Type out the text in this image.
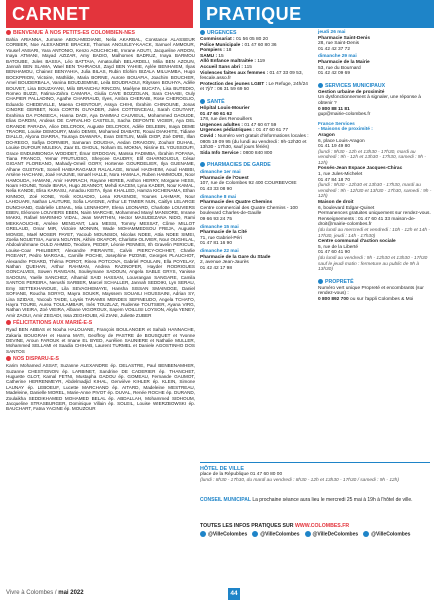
CARNET
BIENVENUE À NOS PETITS-ES COLOMBIEN-NES

Bahia ARIANNA, Jurnane ABOU-MEDIANE, Nelia AKARBAL, Constance ALASSEUR CORBIER, Noe ALEXANDRE BRACKE, Thomas ANGUILEY-KAACK, Samuel AMMOUR, Yousef ANSARI, Yara ANTONIO, Kenzo AOUCHICHE, Imrane AOUTI, Jacqueline ARDON, Inaya ATMANI, Mayad AZIZAR, Amy BADIO, Malhomes BADRUZ, Inaya BARMOU BATOUBE, Jules BASSA, Léo BATTAIA, Amatoullah BELARDELI, Milia BEN AZOUN, Jannah BEN SLAMA, Wael BEN TAHRAOUI, Zayd BEN YAHIIE, Aylée BENHAIEM, Ilyas BENHAMOU, Chainez BENYAHIA, Julia BILAS, Rubin Elohim BIZALA MILUAMBA, Hugo BOCKPRION, Victoire, Mathilde, Maria BORNE, Aurore BOUAFIA, Joachim BOUCHER, Amel BOUDERBALA, Vanina BOUDJEMINE, Leila BOUDRAOUI, Rityssen BOUHYA, Adèle BOUVET, Lisa BOUZAYANI, Milo BRANCHU RINCON, Maélyne BUCATA, Lisa BUTEDIO, Romeo BUZZI, Fatima-Zahra CAMARA, Giulia CAVE BOZZOLAN, Sara CHAABI, Ouly CHAPIER PALLADINO, Agathe CHARRAUD, Ilyes, Ambra CHERABI, Rose CHEROGLIO, Eduardo CHEDEVILLE, Maena CHENTOUF, Assya CHIHI, Ibrahim CHINOUNE, Jonas CINGRE GERBET, Nora CORTIN GUYADER, Jules COTTENCEAU, Sarah COUTANT, Ibrahima DA FONSECA, Hanna DADI, Aya DAMMAJ CAUVIEUL, Mohammed DAOUDE, Elias DARDIN, Andeas DE CARVALHO CASTELS, Sacha DEFONTE VIGIER, Aya DEL GRANDE PARADA, Alice DELCROIX, Auguste DELCROIX, Adèle DELEBIN, Inaya DEME TRAORE, Louise DEMOURY, Mario DEMIS, Mohamed DIABATE, Rouai DIAKHITE, Tidiane DIALLO, Alyona DIARRA, Touraya DIAWARA, Evan DIETLIN, Malik DIOP, Zoé DIRE, Illan DO-REGO, Safiya DORNIER, Samaran DOUGHA, Aedan DRAIGON, Zouhaïr DUHAIL, Louise DUFOUR MULEKA, Zaar EL GHOUL, Noham EL MOKNA, Nisrine EL YOUSSOUFI, Grace ENDUMBONGA WODIDET, Émar ERDOGAN, Maïssa FADIMBA, Ibrahim FOFANA, Tiana FRANCO, Yemar FRUTUOSO, Sheycee GAUDRY, Elif GHARNOUGUI, César GIGANT FLOREANO, Mahady-Omeil GORY, Hortense GOURDELIER, Ilya GUENAME, Alhane GUSTAVE, Sonell HABIARAGAMJI RALALAGE, Ismael HAOHEIM, Aoud HABIBI, Arsène HACHANI, Joaé HAJUNE, Ismaël HALLE, Nora HAMALA, Ruben HAMMOUDI, Noor HAMOUDA, HAMANI, Amir HARRACH, Rayane HEREB, Anthon HERRY, Morgane HESS, Noam HOUNE, Tonde IBARA, Hugo JEANNOT, Mehdi KACEM, Lyna KADER, Nour KAMAL, Nelia KANDE, Elisa KARASU, Amadou KEITA, Ilyan KHALLED, Hamza KICHENAMA, Ethan KINNOO, Zoé KONE, Yorik KOUADIO, Lena KRASNOE, Younes LAHMAR, Nour LAHOUARI, Nathan LAUTURE, Sofia LAVIGNE, Arthur LE TIMIER NUN, Caitlyn LELARGE DUNCHAND, Gabrielle LENAIL, Mia LENNHOFF, Elena LEONARD, Charlotte LOUVIERS EBEN, Eléonore LOUVIERS EBEN, Naim MARCHE, Mohammed Manyl MANSORE, Imrane MAKKI, Rafael MARINHO VIDAL, Jean MARTHIN, Hector MASUDEZANA NIDO, Rami MEKKAOUCHE, Arsène MENGANT, Lara MESSI, Tommy MESSAT, Côme MILLOT GRELAUD, Omar MIR, Victoire MONNIN, Wade MOHAMMEDSOU FREJA, Auguste MONGE, Maël MOSER PAYET, Yacoub MOUNSIDI, Nicolas NDEE, Attia NDEE SIMEI, Zoelia NGUETSIA, Aurora NGUYEN, Akhim OKAFOR, Charlotte OLIVIER, Nour OUGHILAL, Abdoulrahmane OULD AHMED, Teodore, PEDEF, Léonie PENNES, Ith Gravelin PERICUE, Louise-Coar PHILIBERT, Alexandre PIERANTE, Calvin PIERCY-OCHHET, Charlie PIGEANT, Pedro MARGAIL, Camille POCHE, Josephine PIZONE, Georges PLAUCHOT, Alexandre POIARD, Théma POROT, Rinea POTCOVA, Gabriel POULAIN, Ella POYELAY, Nathan QUEHAN, Arthur RAHMAN, Andrea RAZINOFER, Hayder RODRIGUES GONCALVES, Sowen RANGAIN, Souleymane SADOUN, Angela SABLE GRYS, Yanisse SADOUN, Yaelle SANCHEZ, Alhamid SAID HASSAN, Louvrangan SANGARE, Camila SANTOS PEREIRA, Nerushi SARBER, Marcel SCHALLER, Jannah SEDDIKI, Lyn SERAU, Emy SETTEKHANOUE, Lila SEVAGHEMAYE, Hansha SISSAN SMAINOGE, Daniel SOFIANE, Roucha SORYO, Mayra SOUKR, Mayssem SOUAILI HOUSSAINI, Adrian SY, Lina SZIDAS, Yacoub TAIDE, Loysis TARAMIS MENDES SEFINEUDO, Angela TCHATO, Hayra TOURE, Aurea TOULAMBAIR, Inès TOUZLAZ, Rudense TOUTSIER, Ayana VIRG, Nathan VIEIRA, Zoé VIEIRA, Albane VIGOROUX, Sayem VOILLISI LOYSON, Akyla YENEY, Amir ZAOUI, Amir ZEGADI, Issa ZEGHOUBI, Ali ZIANI, Juliette ZUBER

FÉLICITATIONS AUX MARIÉ-E-S

Ryad BEN ABBAS et Nouha HALOUANE, François BOULANGER et Sahab HANNACHE, Zakaria BOUGRAH et Hanna MATI, Geoffroy de PASTRE de BOUSQUET et Yvonne DEVINE, Aroun FAROUK et Imane EL BYED, Aurélien SAUNIERE et Nathalie MULLER, Mohammed SELLAMI et Saadia CHIHAB, Laurent TURMEL et Daniele AGOSTINHO DOS SANTOS

NOS DISPARU-E-S

Karim Mohamed ASSAT, Suzanne ALEXANDRE ép. DELASTRE, Paul BENBENAMHER, Suzanne CHESTIGNON ép. LARBINET, Sandrine DE CADERIER ép. THANCHET, Huguette GLOT, Kamal FETNI, Mustapha GADOU ép. GOMEAU, Fernande GAUMOT, Catherine HERRENMEYR, Abdelmadjid KIHAL, Genviève KIHLER ép. KLEIN, Simone LAUNAY ép. LEBOEUF, Lucette MARCHAND ép. AITARD, Madeleine MESTREAU, Madeleine, Danielle MOREL, Marie-Anne PIVOT ép. DUVAL, Renée ROCHE ép. DURAND, Zoulaikha SEDDIKHAMED MOHAMED BELAL ép. ABDALLAH, Mohammed SIDHOUM, Jacqueline STRASBURGER, Dominique Villain ép. SOLEIL, Louise WIERZBOWSKI ép. BAUCHART, Fatna YACINE ép. MOUZOUR

PRATIQUE
URGENCES

Commissariat : 01 56 05 80 20

Police Municipale : 01 47 60 80 36

Pompiers : 18

SAMU : 15

Allô Enfance maltraitée : 119

Accueil Sans abri : 115

Violences faites aux femmes : 01 47 33 09 53, fescale.asso.fr

Protection des jeunes LGBT : Le Refuge, 24h/24 et 7j/7 : 06 31 59 69 50

SANTÉ

Hôpital Louis-Mourier

01 47 60 61 62

178, rue des Renouillers

Urgences adultes : 01 47 60 67 59

Urgences pédiatriques : 01 47 60 61 77

Covid : Numéro vert gratuit d'informations locales : 0805 19 09 95 (du lundi au vendredi : 9h-12h30 et 13h30 - 17h30, sauf jours fériés)

Sida Info Service : 0800 840 800

PHARMACIES DE GARDE
dimanche 1er mai

Pharmacie de l'Ouest

107, rue de Colombes 92 400 COURBEVOIE

01 43 33 08 90

dimanche 8 mai

Pharmacie des Quatre Chemins

Centre commercial des Quatre Chemins - 100 boulevard Charles-de-Gaulle

09 66 93 24 75

dimanche 15 mai

Pharmacie de la Cité

71, rue Gabriel-Péri

01 47 81 16 90

dimanche 22 mai

Pharmacie de la Gare du Stade

2, avenue Jean-Jaurès

01 42 42 17 98

jeudi 26 mai

Pharmacie Saint-Denis

28, rue Saint-Denis

01 42 42 37 72

dimanche 29 mai

Pharmacie de la Mairie

53, rue du Bournard

01 42 42 09 69

SERVICES MUNICIPAUX

Gestion urbaine de proximité

Un dysfonctionnement à signaler, une réponse à obtenir ?

0 800 88 11 81

gup@mairie-colombes.fr

France Services

- Maisons de proximité :

Aragon

6, place Louis-Aragon

01 41 19 49 80

(lundi : 9h30 - 12h et 13h30 - 17h30, mardi au vendredi : 9h - 12h et 13h30 - 17h30, samedi : 9h - 12h)

Fossés-Jean Espace Jacques-Chirac

1, rue Jules-Michelet

01 47 84 18 70

(lundi : 9h30 - 12h30 et 13h30 - 17h30, mardi au vendredi : 9h - 12h30 et 13h30 - 17h30, samedi : 9h - 12h)

Maison de droit

6, boulevard Edgar-Quinet

Permanences gratuites uniquement sur rendez-vous. Renseignements : 01 47 60 41 33 maison-de-droit@mairie-colombes.fr

(du lundi au mercredi et vendredi : 10h - 12h et 14h - 17h30, jeudi : 14h - 17h30)

Centre communal d'action sociale

5, rue de la Liberté

01 47 60 41 90

(du lundi au vendredi : 9h - 12h30 et 13h30 - 17h30 sauf le jeudi matin : fermeture au public de 9h à 13h30)

PROPRETÉ

Numéro vert unique Propreté et encombrants (sur rendez-vous) :

0 800 892 700 ou sur l'appli Colombes & Moi

HÔTEL DE VILLE

place de la République 01 47 60 80 00

(lundi : 8h30 - 17h30, du mardi au vendredi : 8h30 - 12h et 13h30 - 17h30 / samedi : 9h - 12h)

CONSEIL MUNICIPAL La prochaine séance aura lieu le mercredi 25 mai à 19h à l'hôtel de ville.
TOUTES LES INFOS PRATIQUES SUR WWW.COLOMBES.FR
@VilleColombes	@VilleColombes	@VilleDeColombes	@VilleColombes
44
Vivre à Colombes / mai 2022
